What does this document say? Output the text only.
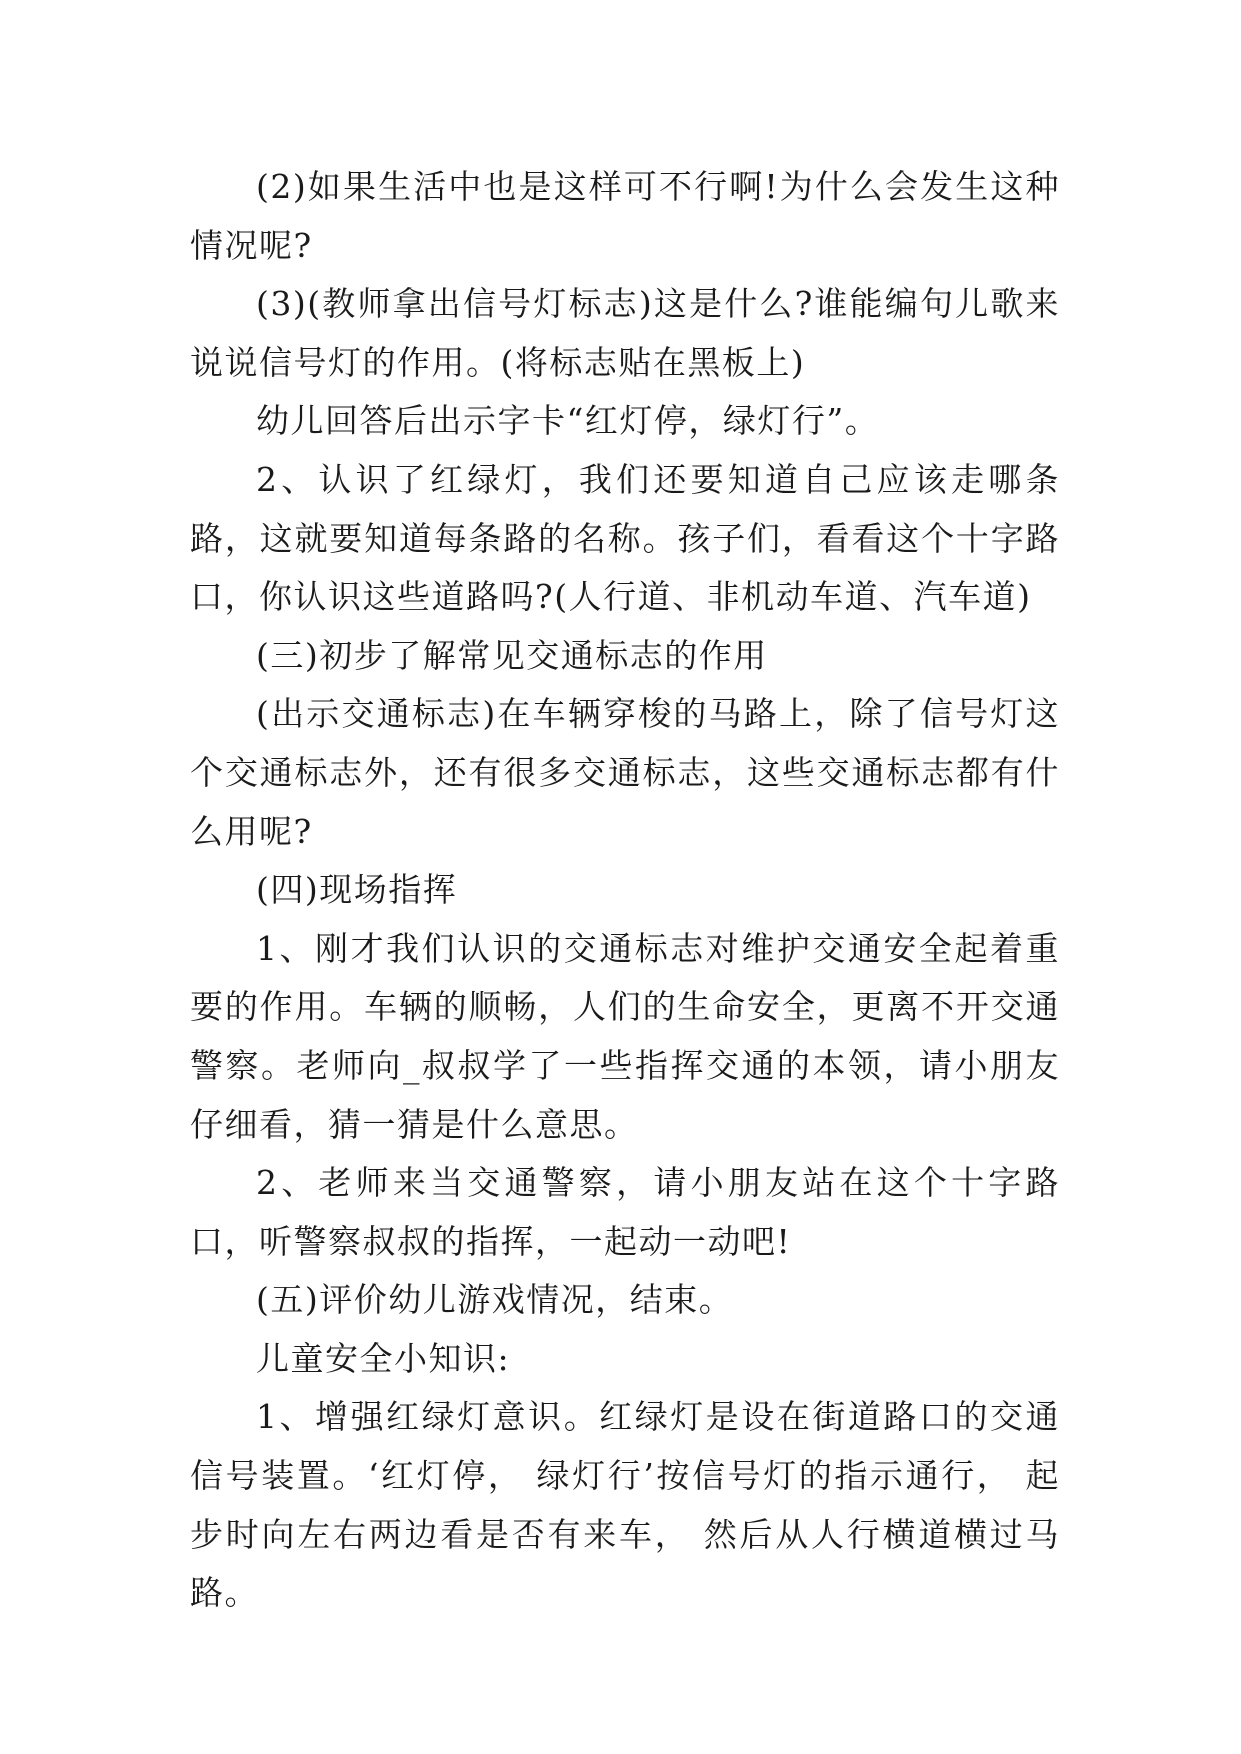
(2)如果生活中也是这样可不行啊!为什么会发生这种情况呢?

(3)(教师拿出信号灯标志)这是什么?谁能编句儿歌来说说信号灯的作用。(将标志贴在黑板上)

幼儿回答后出示字卡“红灯停，绿灯行”。

2、认识了红绿灯，我们还要知道自己应该走哪条路，这就要知道每条路的名称。孩子们，看看这个十字路口，你认识这些道路吗?(人行道、非机动车道、汽车道)

(三)初步了解常见交通标志的作用

(出示交通标志)在车辆穿梭的马路上，除了信号灯这个交通标志外，还有很多交通标志，这些交通标志都有什么用呢?

(四)现场指挥

1、刚才我们认识的交通标志对维护交通安全起着重要的作用。车辆的顺畅，人们的生命安全，更离不开交通警察。老师向_叔叔学了一些指挥交通的本领，请小朋友仔细看，猜一猜是什么意思。

2、老师来当交通警察，请小朋友站在这个十字路口，听警察叔叔的指挥，一起动一动吧!

(五)评价幼儿游戏情况，结束。

儿童安全小知识:

1、增强红绿灯意识。红绿灯是设在街道路口的交通信号装置。‘红灯停， 绿灯行’按信号灯的指示通行， 起步时向左右两边看是否有来车， 然后从人行横道横过马路。
